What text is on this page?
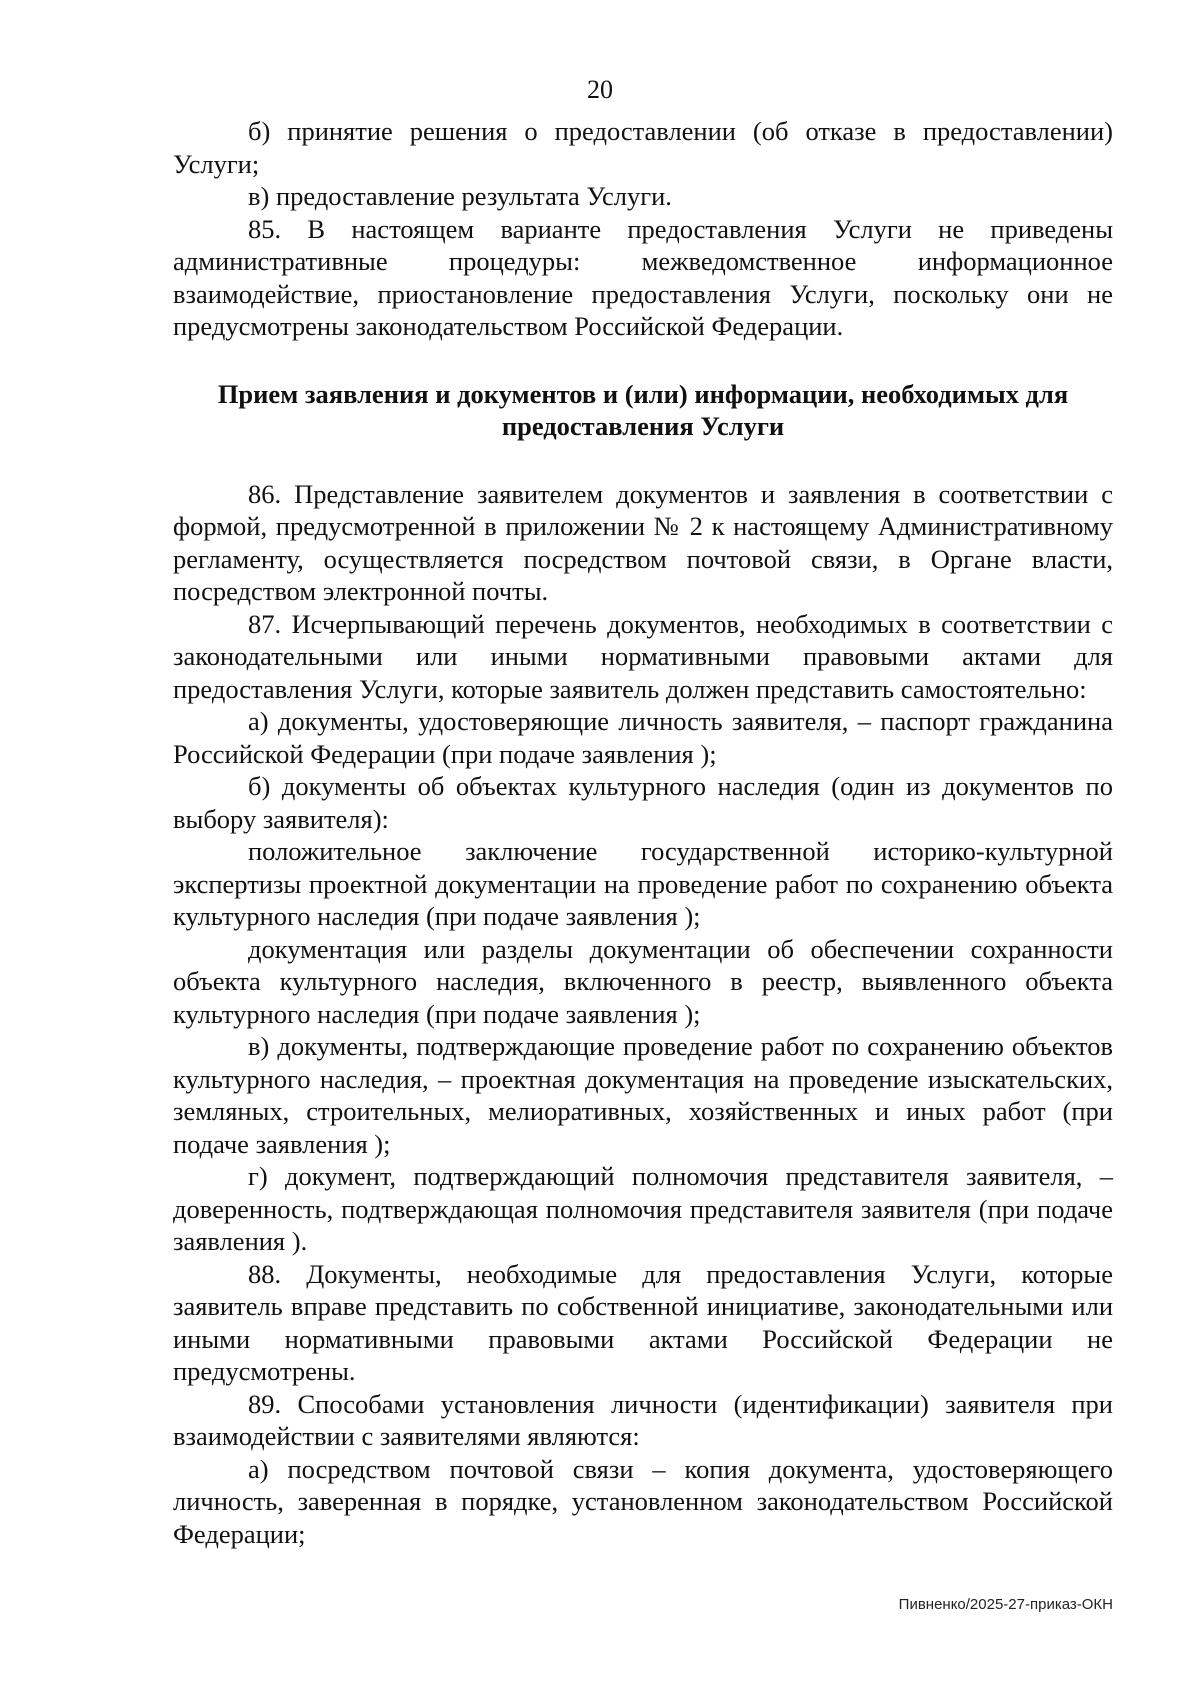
20

б) принятие решения о предоставлении (об отказе в предоставлении) Услуги;

в) предоставление результата Услуги.

85. В настоящем варианте предоставления Услуги не приведены административные процедуры: межведомственное информационное взаимодействие, приостановление предоставления Услуги, поскольку они не предусмотрены законодательством Российской Федерации.

Прием заявления и документов и (или) информации, необходимых для предоставления Услуги

86. Представление заявителем документов и заявления в соответствии с формой, предусмотренной в приложении № 2 к настоящему Административному регламенту, осуществляется посредством почтовой связи, в Органе власти, посредством электронной почты.

87. Исчерпывающий перечень документов, необходимых в соответствии с законодательными или иными нормативными правовыми актами для предоставления Услуги, которые заявитель должен представить самостоятельно:

а) документы, удостоверяющие личность заявителя, – паспорт гражданина Российской Федерации (при подаче заявления );

б) документы об объектах культурного наследия (один из документов по выбору заявителя):

положительное заключение государственной историко-культурной экспертизы проектной документации на проведение работ по сохранению объекта культурного наследия (при подаче заявления );

документация или разделы документации об обеспечении сохранности объекта культурного наследия, включенного в реестр, выявленного объекта культурного наследия (при подаче заявления );

в) документы, подтверждающие проведение работ по сохранению объектов культурного наследия, – проектная документация на проведение изыскательских, земляных, строительных, мелиоративных, хозяйственных и иных работ (при подаче заявления );

г) документ, подтверждающий полномочия представителя заявителя, – доверенность, подтверждающая полномочия представителя заявителя (при подаче заявления ).

88. Документы, необходимые для предоставления Услуги, которые заявитель вправе представить по собственной инициативе, законодательными или иными нормативными правовыми актами Российской Федерации не предусмотрены.

89. Способами установления личности (идентификации) заявителя при взаимодействии с заявителями являются:

а) посредством почтовой связи – копия документа, удостоверяющего личность, заверенная в порядке, установленном законодательством Российской Федерации;

Пивненко/2025-27-приказ-ОКН
